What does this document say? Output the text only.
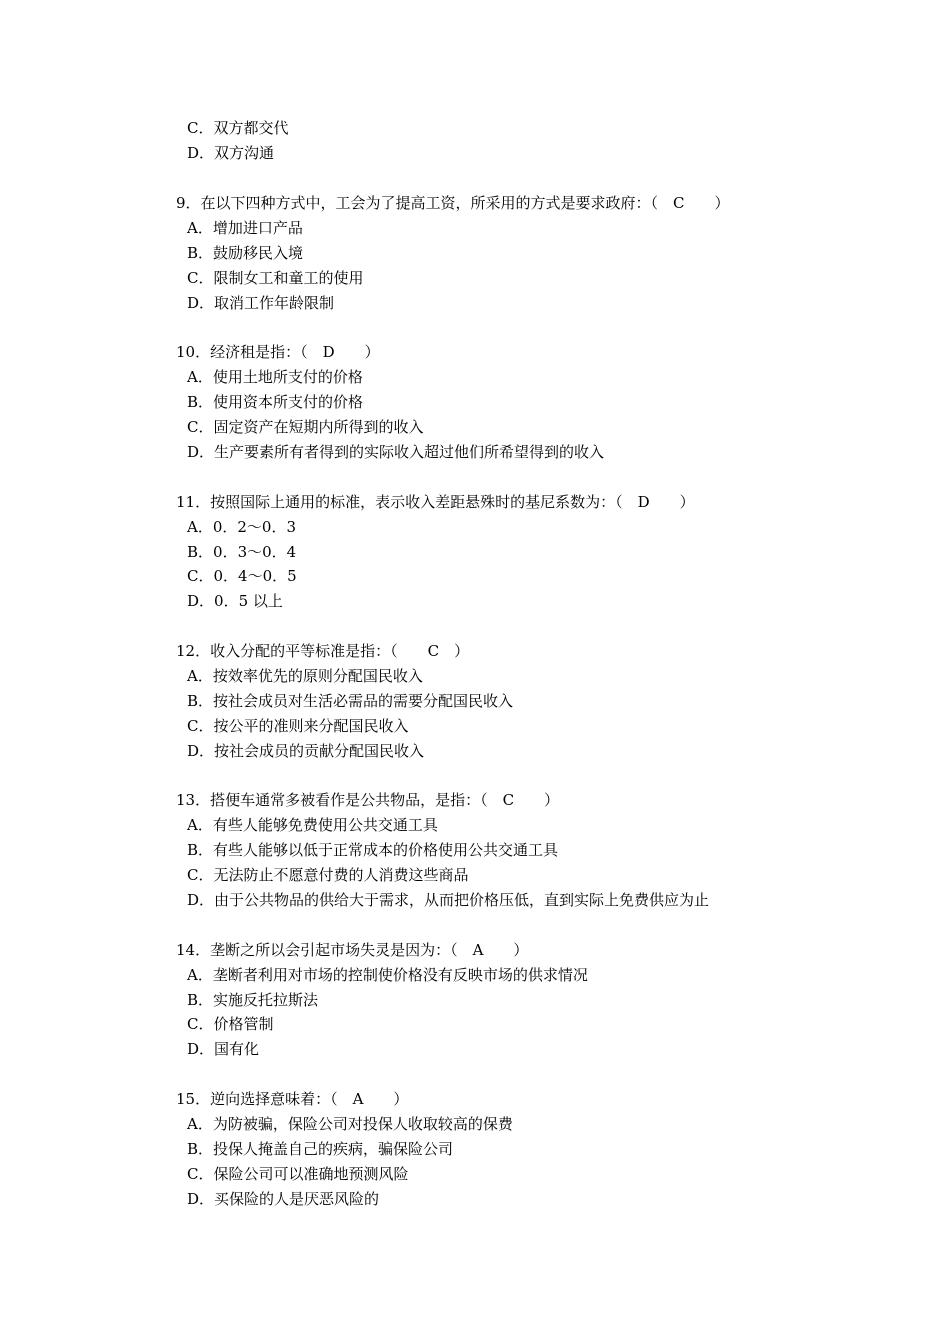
C．双方都交代
D．双方沟通
9．在以下四种方式中，工会为了提高工资，所采用的方式是要求政府：（　C　　）
A．增加进口产品
B．鼓励移民入境
C．限制女工和童工的使用
D．取消工作年龄限制
10．经济租是指：（　D　　）
A．使用土地所支付的价格
B．使用资本所支付的价格
C．固定资产在短期内所得到的收入
D．生产要素所有者得到的实际收入超过他们所希望得到的收入
11．按照国际上通用的标准，表示收入差距悬殊时的基尼系数为：（　D　　）
A．0．2～0．3
B．0．3～0．4
C．0．4～0．5
D．0．5 以上
12．收入分配的平等标准是指：（　　C　）
A．按效率优先的原则分配国民收入
B．按社会成员对生活必需品的需要分配国民收入
C．按公平的准则来分配国民收入
D．按社会成员的贡献分配国民收入
13．搭便车通常多被看作是公共物品，是指：（　C　　）
A．有些人能够免费使用公共交通工具
B．有些人能够以低于正常成本的价格使用公共交通工具
C．无法防止不愿意付费的人消费这些商品
D．由于公共物品的供给大于需求，从而把价格压低，直到实际上免费供应为止
14．垄断之所以会引起市场失灵是因为：（　A　　）
A．垄断者利用对市场的控制使价格没有反映市场的供求情况
B．实施反托拉斯法
C．价格管制
D．国有化
15．逆向选择意味着：（　A　　）
A．为防被骗，保险公司对投保人收取较高的保费
B．投保人掩盖自己的疾病，骗保险公司
C．保险公司可以准确地预测风险
D．买保险的人是厌恶风险的
